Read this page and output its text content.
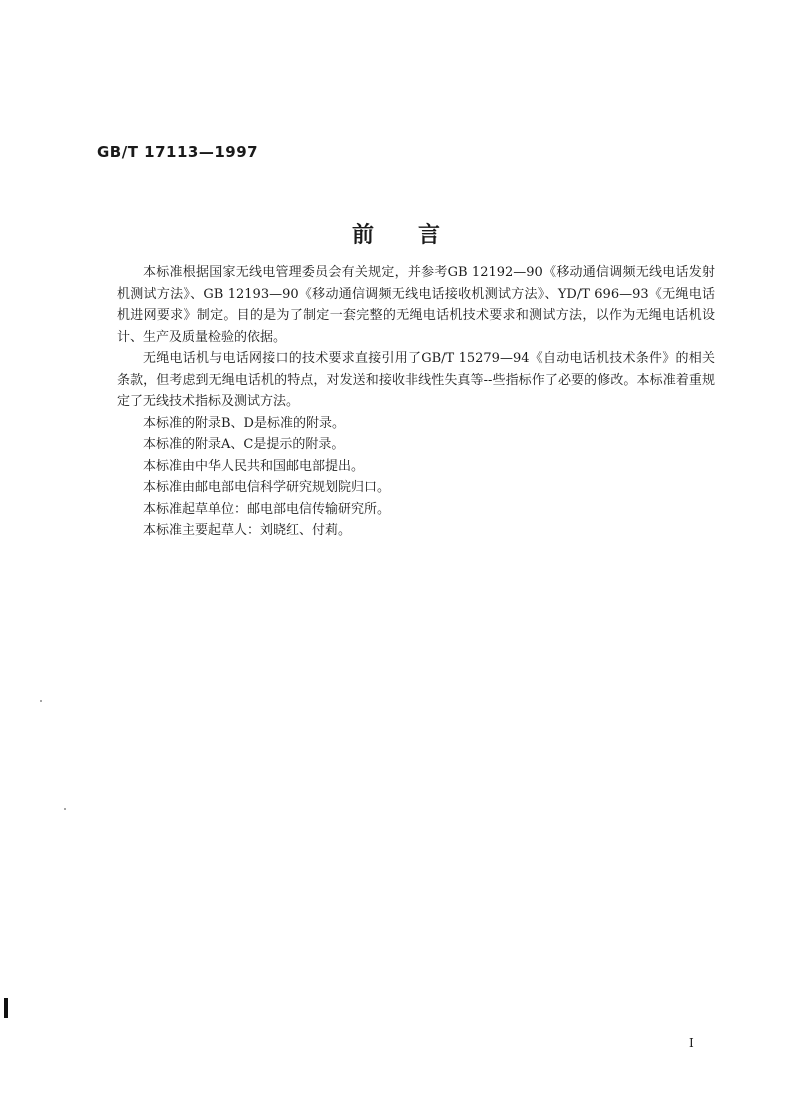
GB/T 17113—1997
前言

本标准根据国家无线电管理委员会有关规定，并参考GB 12192—90《移动通信调频无线电话发射机测试方法》、GB 12193—90《移动通信调频无线电话接收机测试方法》、YD/T 696—93《无绳电话机进网要求》制定。目的是为了制定一套完整的无绳电话机技术要求和测试方法，以作为无绳电话机设计、生产及质量检验的依据。

无绳电话机与电话网接口的技术要求直接引用了GB/T 15279—94《自动电话机技术条件》的相关条款，但考虑到无绳电话机的特点，对发送和接收非线性失真等--些指标作了必要的修改。本标准着重规定了无线技术指标及测试方法。

本标准的附录B、D是标准的附录。

本标准的附录A、C是提示的附录。

本标准由中华人民共和国邮电部提出。

本标准由邮电部电信科学研究规划院归口。

本标准起草单位：邮电部电信传输研究所。

本标准主要起草人：刘晓红、付莉。

I
